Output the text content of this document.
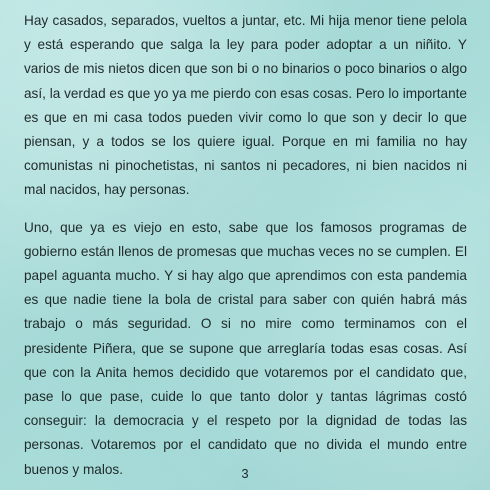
Hay casados, separados, vueltos a juntar, etc. Mi hija menor tiene pelola y está esperando que salga la ley para poder adoptar a un niñito. Y varios de mis nietos dicen que son bi o no binarios o poco binarios o algo así, la verdad es que yo ya me pierdo con esas cosas. Pero lo importante es que en mi casa todos pueden vivir como lo que son y decir lo que piensan, y a todos se los quiere igual. Porque en mi familia no hay comunistas ni pinochetistas, ni santos ni pecadores, ni bien nacidos ni mal nacidos, hay personas.

Uno, que ya es viejo en esto, sabe que los famosos programas de gobierno están llenos de promesas que muchas veces no se cumplen. El papel aguanta mucho. Y si hay algo que aprendimos con esta pandemia es que nadie tiene la bola de cristal para saber con quién habrá más trabajo o más seguridad. O si no mire como terminamos con el presidente Piñera, que se supone que arreglaría todas esas cosas. Así que con la Anita hemos decidido que votaremos por el candidato que, pase lo que pase, cuide lo que tanto dolor y tantas lágrimas costó conseguir: la democracia y el respeto por la dignidad de todas las personas. Votaremos por el candidato que no divida el mundo entre buenos y malos.	3
